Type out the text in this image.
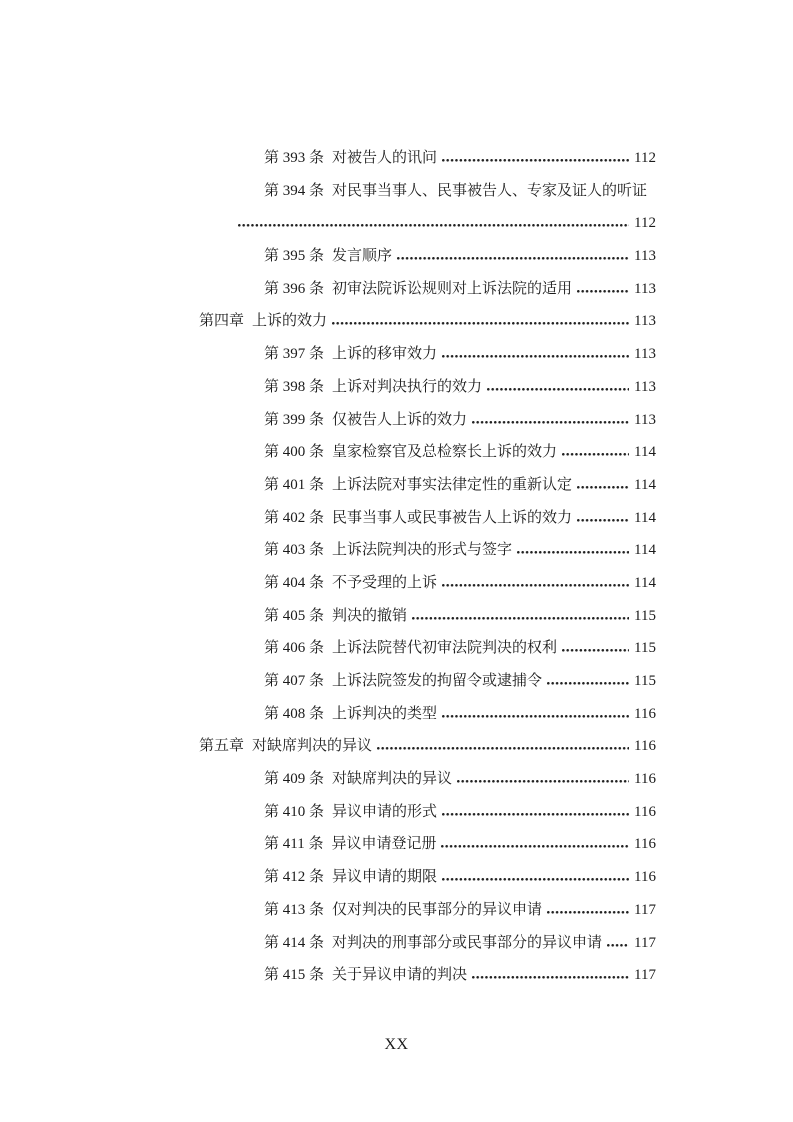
第 393 条 对被告人的讯问	112
第 394 条 对民事当事人、民事被告人、专家及证人的听证
112
第 395 条 发言顺序	113
第 396 条 初审法院诉讼规则对上诉法院的适用	113
第四章 上诉的效力	113
第 397 条 上诉的移审效力	113
第 398 条 上诉对判决执行的效力	113
第 399 条 仅被告人上诉的效力	113
第 400 条 皇家检察官及总检察长上诉的效力	114
第 401 条 上诉法院对事实法律定性的重新认定	114
第 402 条 民事当事人或民事被告人上诉的效力	114
第 403 条 上诉法院判决的形式与签字	114
第 404 条 不予受理的上诉	114
第 405 条 判决的撤销	115
第 406 条 上诉法院替代初审法院判决的权利	115
第 407 条 上诉法院签发的拘留令或逮捕令	115
第 408 条 上诉判决的类型	116
第五章 对缺席判决的异议	116
第 409 条 对缺席判决的异议	116
第 410 条 异议申请的形式	116
第 411 条 异议申请登记册	116
第 412 条 异议申请的期限	116
第 413 条 仅对判决的民事部分的异议申请	117
第 414 条 对判决的刑事部分或民事部分的异议申请 117
第 415 条 关于异议申请的判决	117
XX
